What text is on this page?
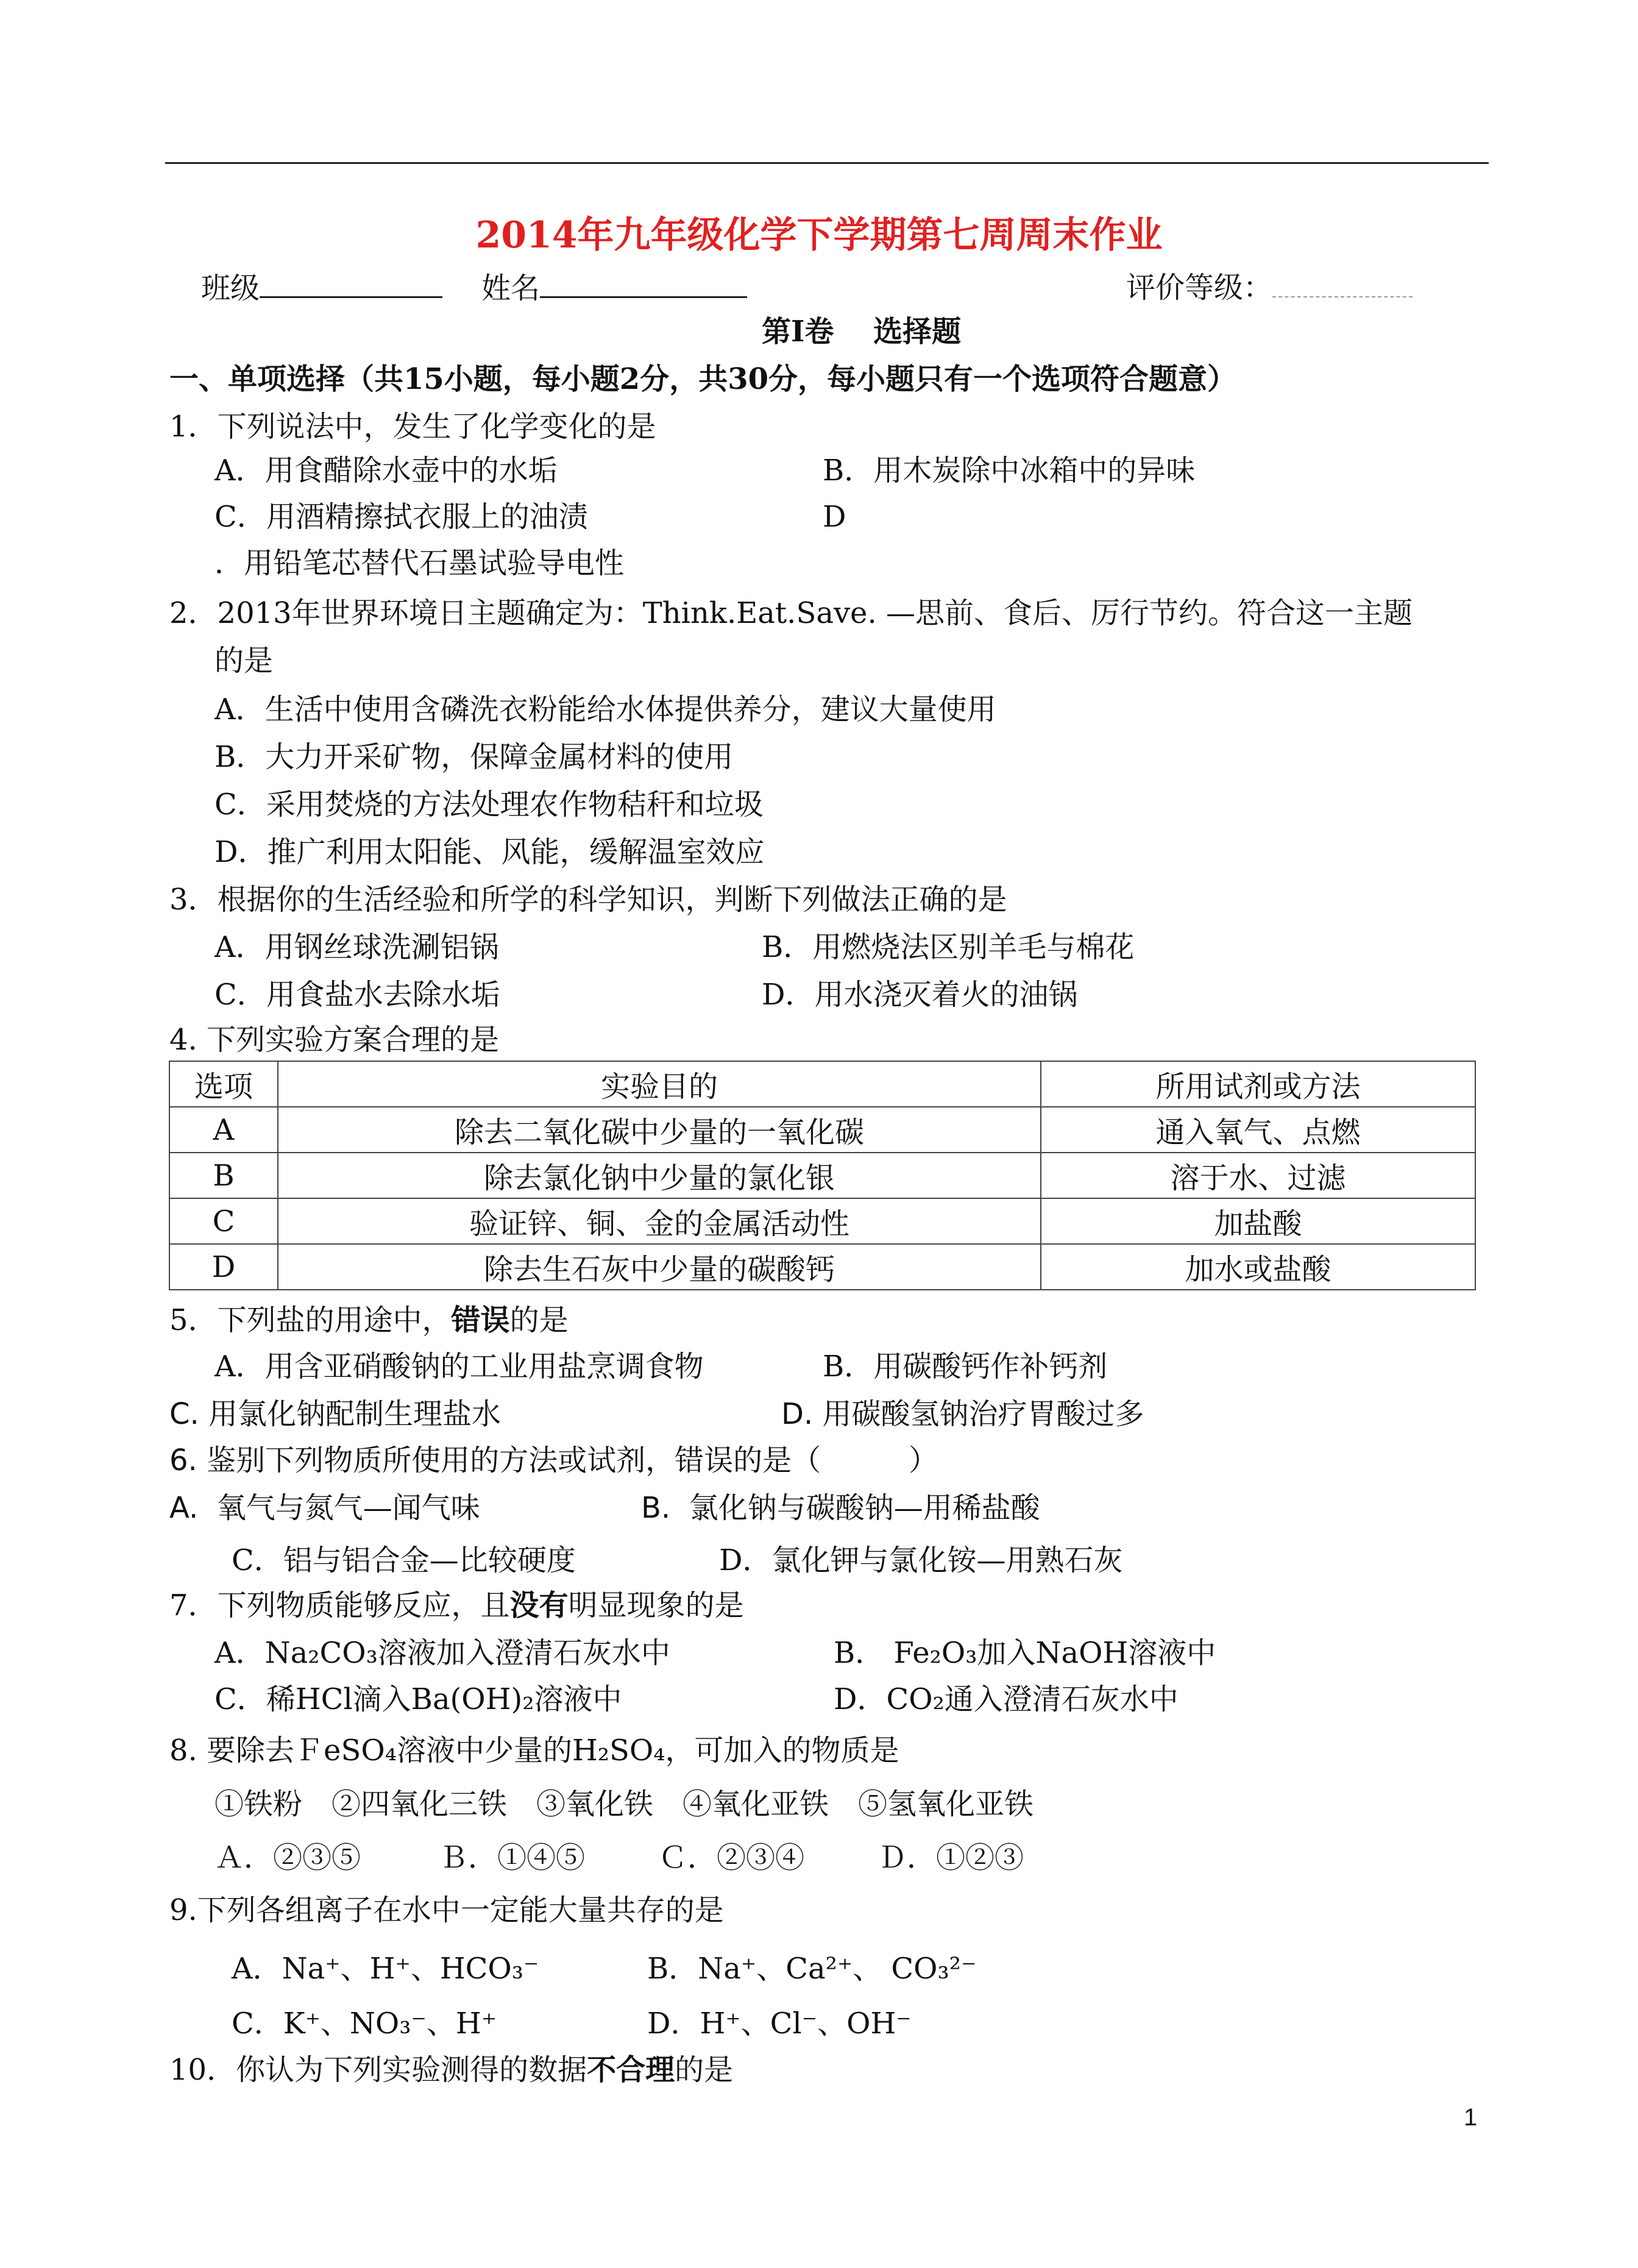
2014年九年级化学下学期第七周周末作业
班级	姓名	评价等级：
第Ⅰ卷　 选择题
一、单项选择（共15小题，每小题2分，共30分，每小题只有一个选项符合题意）
1．下列说法中，发生了化学变化的是
A．用食醋除水壶中的水垢	B．用木炭除中冰箱中的异味
C．用酒精擦拭衣服上的油渍	D
．用铅笔芯替代石墨试验导电性
2．2013年世界环境日主题确定为：Think.Eat.Save. —思前、食后、厉行节约。符合这一主题
的是
A．生活中使用含磷洗衣粉能给水体提供养分，建议大量使用
B．大力开采矿物，保障金属材料的使用
C．采用焚烧的方法处理农作物秸秆和垃圾
D．推广利用太阳能、风能，缓解温室效应
3．根据你的生活经验和所学的科学知识，判断下列做法正确的是
A．用钢丝球洗涮铝锅	B．用燃烧法区别羊毛与棉花
C．用食盐水去除水垢	D．用水浇灭着火的油锅
4. 下列实验方案合理的是
选项	实验目的	所用试剂或方法
A	除去二氧化碳中少量的一氧化碳	通入氧气、点燃
B	除去氯化钠中少量的氯化银	溶于水、过滤
C	验证锌、铜、金的金属活动性	加盐酸
D	除去生石灰中少量的碳酸钙	加水或盐酸
5．下列盐的用途中，错误的是
A．用含亚硝酸钠的工业用盐烹调食物	B．用碳酸钙作补钙剂
C. 用氯化钠配制生理盐水	D. 用碳酸氢钠治疗胃酸过多
6. 鉴别下列物质所使用的方法或试剂，错误的是（　　　）
A. 氧气与氮气—闻气味	B. 氯化钠与碳酸钠—用稀盐酸
C．铝与铝合金—比较硬度	D．氯化钾与氯化铵—用熟石灰
7．下列物质能够反应，且没有明显现象的是
A．Na₂CO₃溶液加入澄清石灰水中	B． Fe₂O₃加入NaOH溶液中
C．稀HCl滴入Ba(OH)₂溶液中	D．CO₂通入澄清石灰水中
8. 要除去ＦeSO₄溶液中少量的H₂SO₄，可加入的物质是
①铁粉　②四氧化三铁　③氧化铁　④氧化亚铁　⑤氢氧化亚铁
Ａ．②③⑤	Ｂ．①④⑤ Ｃ．②③④ Ｄ．①②③
9.下列各组离子在水中一定能大量共存的是
A．Na⁺、H⁺、HCO₃⁻	B．Na⁺、Ca²⁺、 CO₃²⁻
C．K⁺、NO₃⁻、H⁺	D．H⁺、Cl⁻、OH⁻
10．你认为下列实验测得的数据不合理的是
1
